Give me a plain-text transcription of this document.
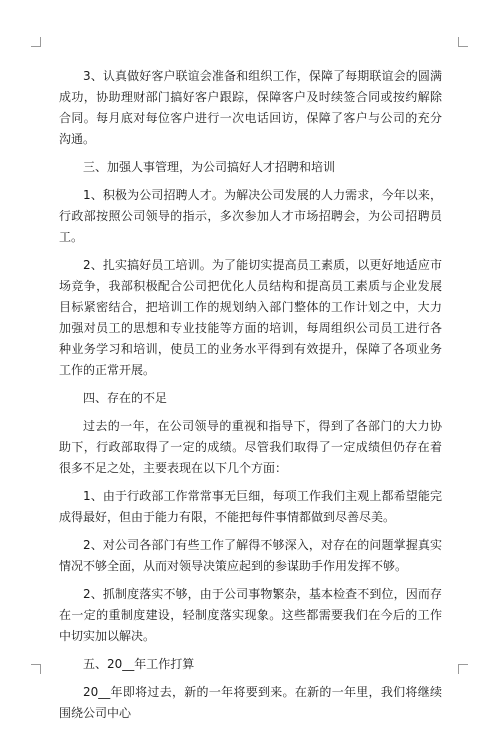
3、认真做好客户联谊会准备和组织工作，保障了每期联谊会的圆满成功，协助理财部门搞好客户跟踪，保障客户及时续签合同或按约解除合同。每月底对每位客户进行一次电话回访，保障了客户与公司的充分沟通。

三、加强人事管理，为公司搞好人才招聘和培训

1、积极为公司招聘人才。为解决公司发展的人力需求，今年以来，行政部按照公司领导的指示，多次参加人才市场招聘会，为公司招聘员工。

2、扎实搞好员工培训。为了能切实提高员工素质，以更好地适应市场竞争，我部积极配合公司把优化人员结构和提高员工素质与企业发展目标紧密结合，把培训工作的规划纳入部门整体的工作计划之中，大力加强对员工的思想和专业技能等方面的培训，每周组织公司员工进行各种业务学习和培训，使员工的业务水平得到有效提升，保障了各项业务工作的正常开展。

四、存在的不足

过去的一年，在公司领导的重视和指导下，得到了各部门的大力协助下，行政部取得了一定的成绩。尽管我们取得了一定成绩但仍存在着很多不足之处，主要表现在以下几个方面：

1、由于行政部工作常常事无巨细，每项工作我们主观上都希望能完成得最好，但由于能力有限，不能把每件事情都做到尽善尽美。

2、对公司各部门有些工作了解得不够深入，对存在的问题掌握真实情况不够全面，从而对领导决策应起到的参谋助手作用发挥不够。

2、抓制度落实不够，由于公司事物繁杂，基本检查不到位，因而存在一定的重制度建设，轻制度落实现象。这些都需要我们在今后的工作中切实加以解决。

五、20__年工作打算

20__年即将过去，新的一年将要到来。在新的一年里，我们将继续围绕公司中心
